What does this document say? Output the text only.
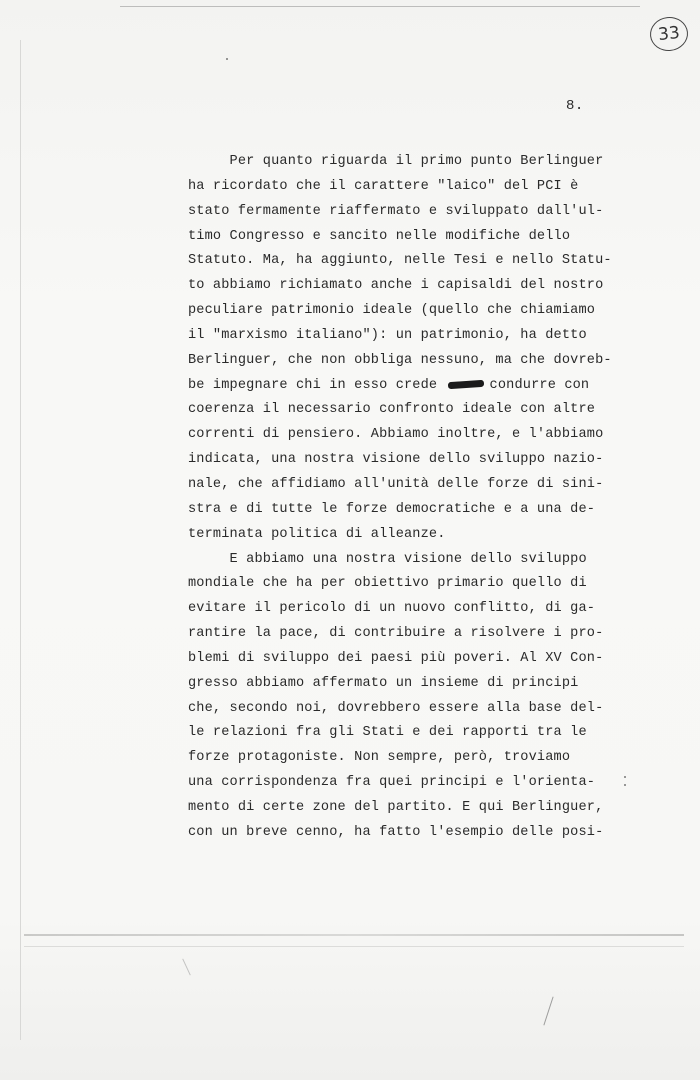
33
8.
Per quanto riguarda il primo punto Berlinguer
ha ricordato che il carattere "laico" del PCI è
stato fermamente riaffermato e sviluppato dall'ul-
timo Congresso e sancito nelle modifiche dello
Statuto. Ma, ha aggiunto, nelle Tesi e nello Statu-
to abbiamo richiamato anche i capisaldi del nostro
peculiare patrimonio ideale (quello che chiamiamo
il "marxismo italiano"): un patrimonio, ha detto
Berlinguer, che non obbliga nessuno, ma che dovreb-
be impegnare chi in esso crede	condurre con
coerenza il necessario confronto ideale con altre
correnti di pensiero. Abbiamo inoltre, e l'abbiamo
indicata, una nostra visione dello sviluppo nazio-
nale, che affidiamo all'unità delle forze di sini-
stra e di tutte le forze democratiche e a una de-
terminata politica di alleanze.
E abbiamo una nostra visione dello sviluppo
mondiale che ha per obiettivo primario quello di
evitare il pericolo di un nuovo conflitto, di ga-
rantire la pace, di contribuire a risolvere i pro-
blemi di sviluppo dei paesi più poveri. Al XV Con-
gresso abbiamo affermato un insieme di principi
che, secondo noi, dovrebbero essere alla base del-
le relazioni fra gli Stati e dei rapporti tra le
forze protagoniste. Non sempre, però, troviamo
una corrispondenza fra quei principi e l'orienta-
mento di certe zone del partito. E qui Berlinguer,
con un breve cenno, ha fatto l'esempio delle posi-
